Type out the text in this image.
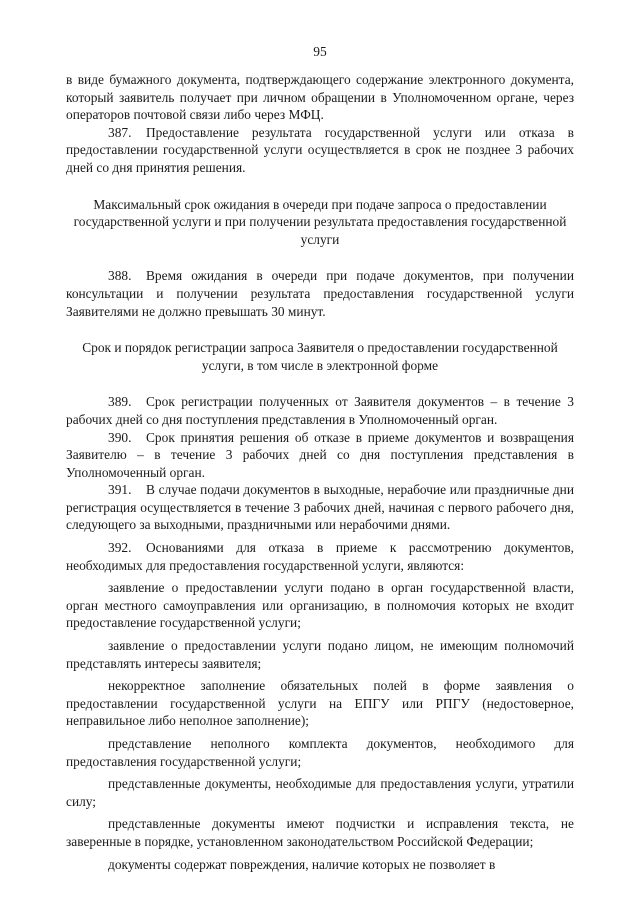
95

в виде бумажного документа, подтверждающего содержание электронного документа, который заявитель получает при личном обращении в Уполномоченном органе, через операторов почтовой связи либо через МФЦ.

387. Предоставление результата государственной услуги или отказа в предоставлении государственной услуги осуществляется в срок не позднее 3 рабочих дней со дня принятия решения.

Максимальный срок ожидания в очереди при подаче запроса о предоставлении государственной услуги и при получении результата предоставления государственной услуги

388. Время ожидания в очереди при подаче документов, при получении консультации и получении результата предоставления государственной услуги Заявителями не должно превышать 30 минут.

Срок и порядок регистрации запроса Заявителя о предоставлении государственной услуги, в том числе в электронной форме

389. Срок регистрации полученных от Заявителя документов – в течение 3 рабочих дней со дня поступления представления в Уполномоченный орган.

390. Срок принятия решения об отказе в приеме документов и возвращения Заявителю – в течение 3 рабочих дней со дня поступления представления в Уполномоченный орган.

391. В случае подачи документов в выходные, нерабочие или праздничные дни регистрация осуществляется в течение 3 рабочих дней, начиная с первого рабочего дня, следующего за выходными, праздничными или нерабочими днями.

392. Основаниями для отказа в приеме к рассмотрению документов, необходимых для предоставления государственной услуги, являются:

заявление о предоставлении услуги подано в орган государственной власти, орган местного самоуправления или организацию, в полномочия которых не входит предоставление государственной услуги;

заявление о предоставлении услуги подано лицом, не имеющим полномочий представлять интересы заявителя;

некорректное заполнение обязательных полей в форме заявления о предоставлении государственной услуги на ЕПГУ или РПГУ (недостоверное, неправильное либо неполное заполнение);

представление неполного комплекта документов, необходимого для предоставления государственной услуги;

представленные документы, необходимые для предоставления услуги, утратили силу;

представленные документы имеют подчистки и исправления текста, не заверенные в порядке, установленном законодательством Российской Федерации;

документы содержат повреждения, наличие которых не позволяет в
